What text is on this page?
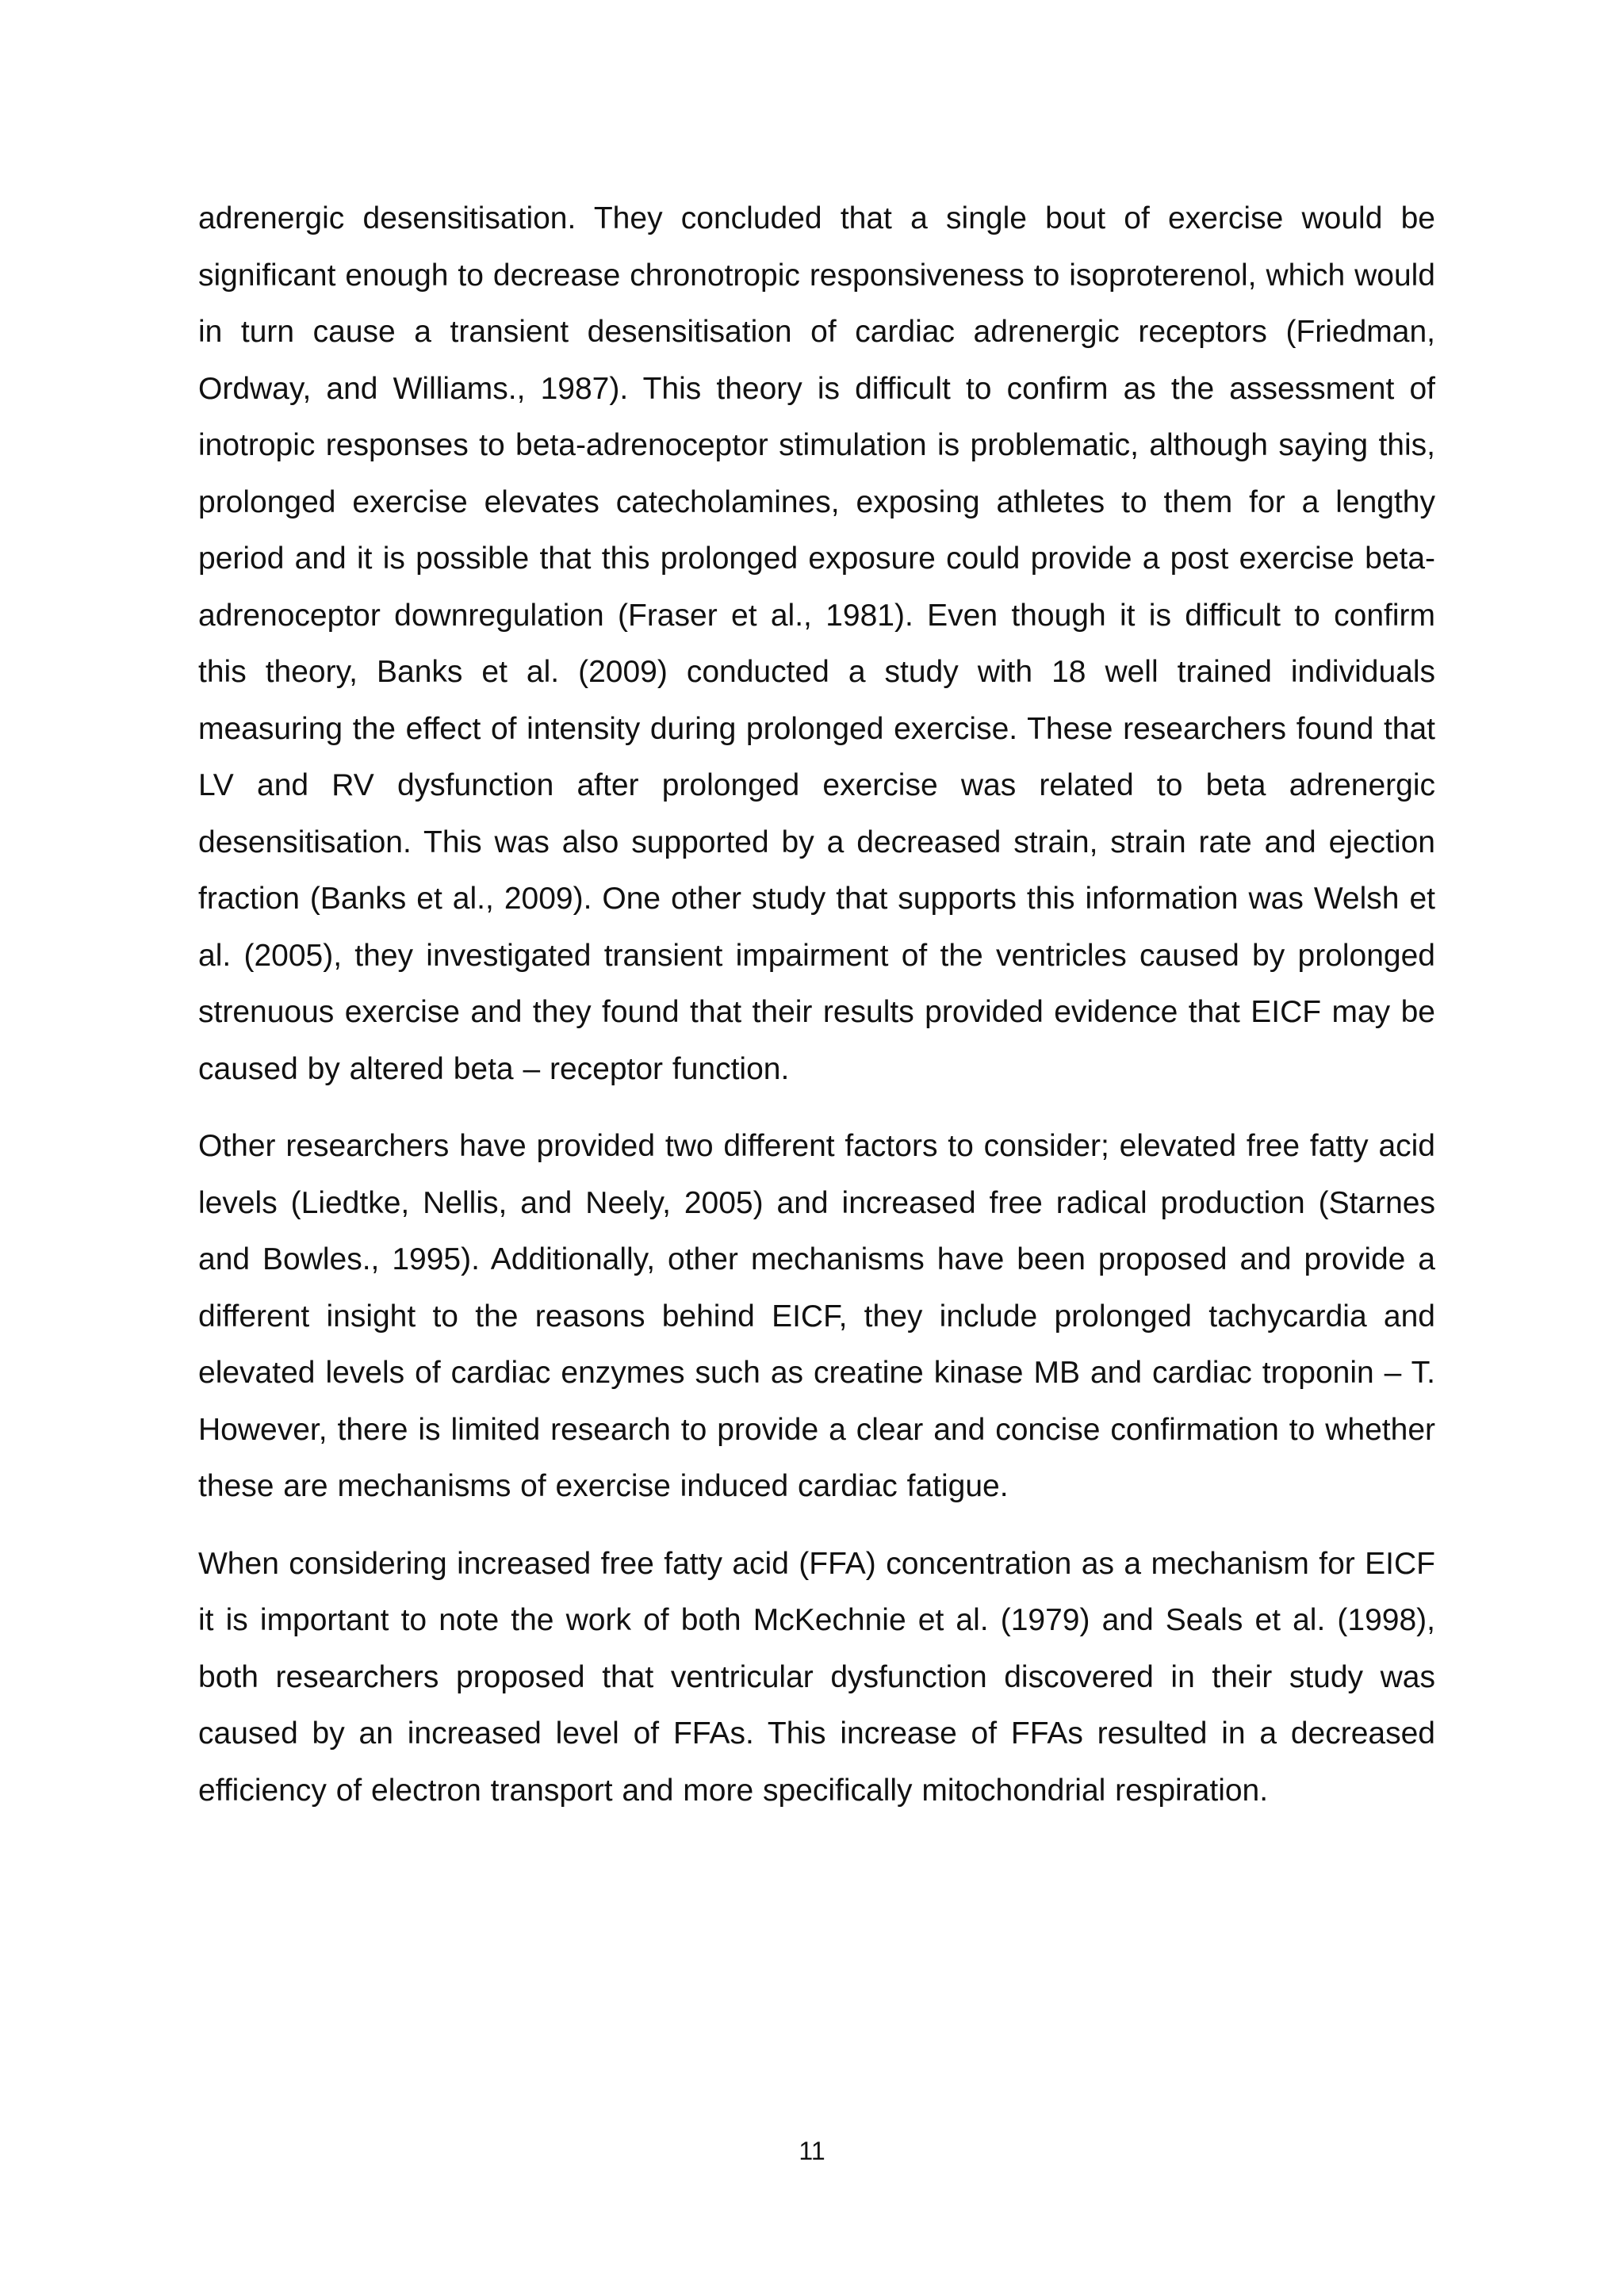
adrenergic desensitisation. They concluded that a single bout of exercise would be significant enough to decrease chronotropic responsiveness to isoproterenol, which would in turn cause a transient desensitisation of cardiac adrenergic receptors (Friedman, Ordway, and Williams., 1987). This theory is difficult to confirm as the assessment of inotropic responses to beta-adrenoceptor stimulation is problematic, although saying this, prolonged exercise elevates catecholamines, exposing athletes to them for a lengthy period and it is possible that this prolonged exposure could provide a post exercise beta-adrenoceptor downregulation (Fraser et al., 1981). Even though it is difficult to confirm this theory, Banks et al. (2009) conducted a study with 18 well trained individuals measuring the effect of intensity during prolonged exercise. These researchers found that LV and RV dysfunction after prolonged exercise was related to beta adrenergic desensitisation. This was also supported by a decreased strain, strain rate and ejection fraction (Banks et al., 2009). One other study that supports this information was Welsh et al. (2005), they investigated transient impairment of the ventricles caused by prolonged strenuous exercise and they found that their results provided evidence that EICF may be caused by altered beta – receptor function.

Other researchers have provided two different factors to consider; elevated free fatty acid levels (Liedtke, Nellis, and Neely, 2005) and increased free radical production (Starnes and Bowles., 1995). Additionally, other mechanisms have been proposed and provide a different insight to the reasons behind EICF, they include prolonged tachycardia and elevated levels of cardiac enzymes such as creatine kinase MB and cardiac troponin – T. However, there is limited research to provide a clear and concise confirmation to whether these are mechanisms of exercise induced cardiac fatigue.

When considering increased free fatty acid (FFA) concentration as a mechanism for EICF it is important to note the work of both McKechnie et al. (1979) and Seals et al. (1998), both researchers proposed that ventricular dysfunction discovered in their study was caused by an increased level of FFAs. This increase of FFAs resulted in a decreased efficiency of electron transport and more specifically mitochondrial respiration.

11
